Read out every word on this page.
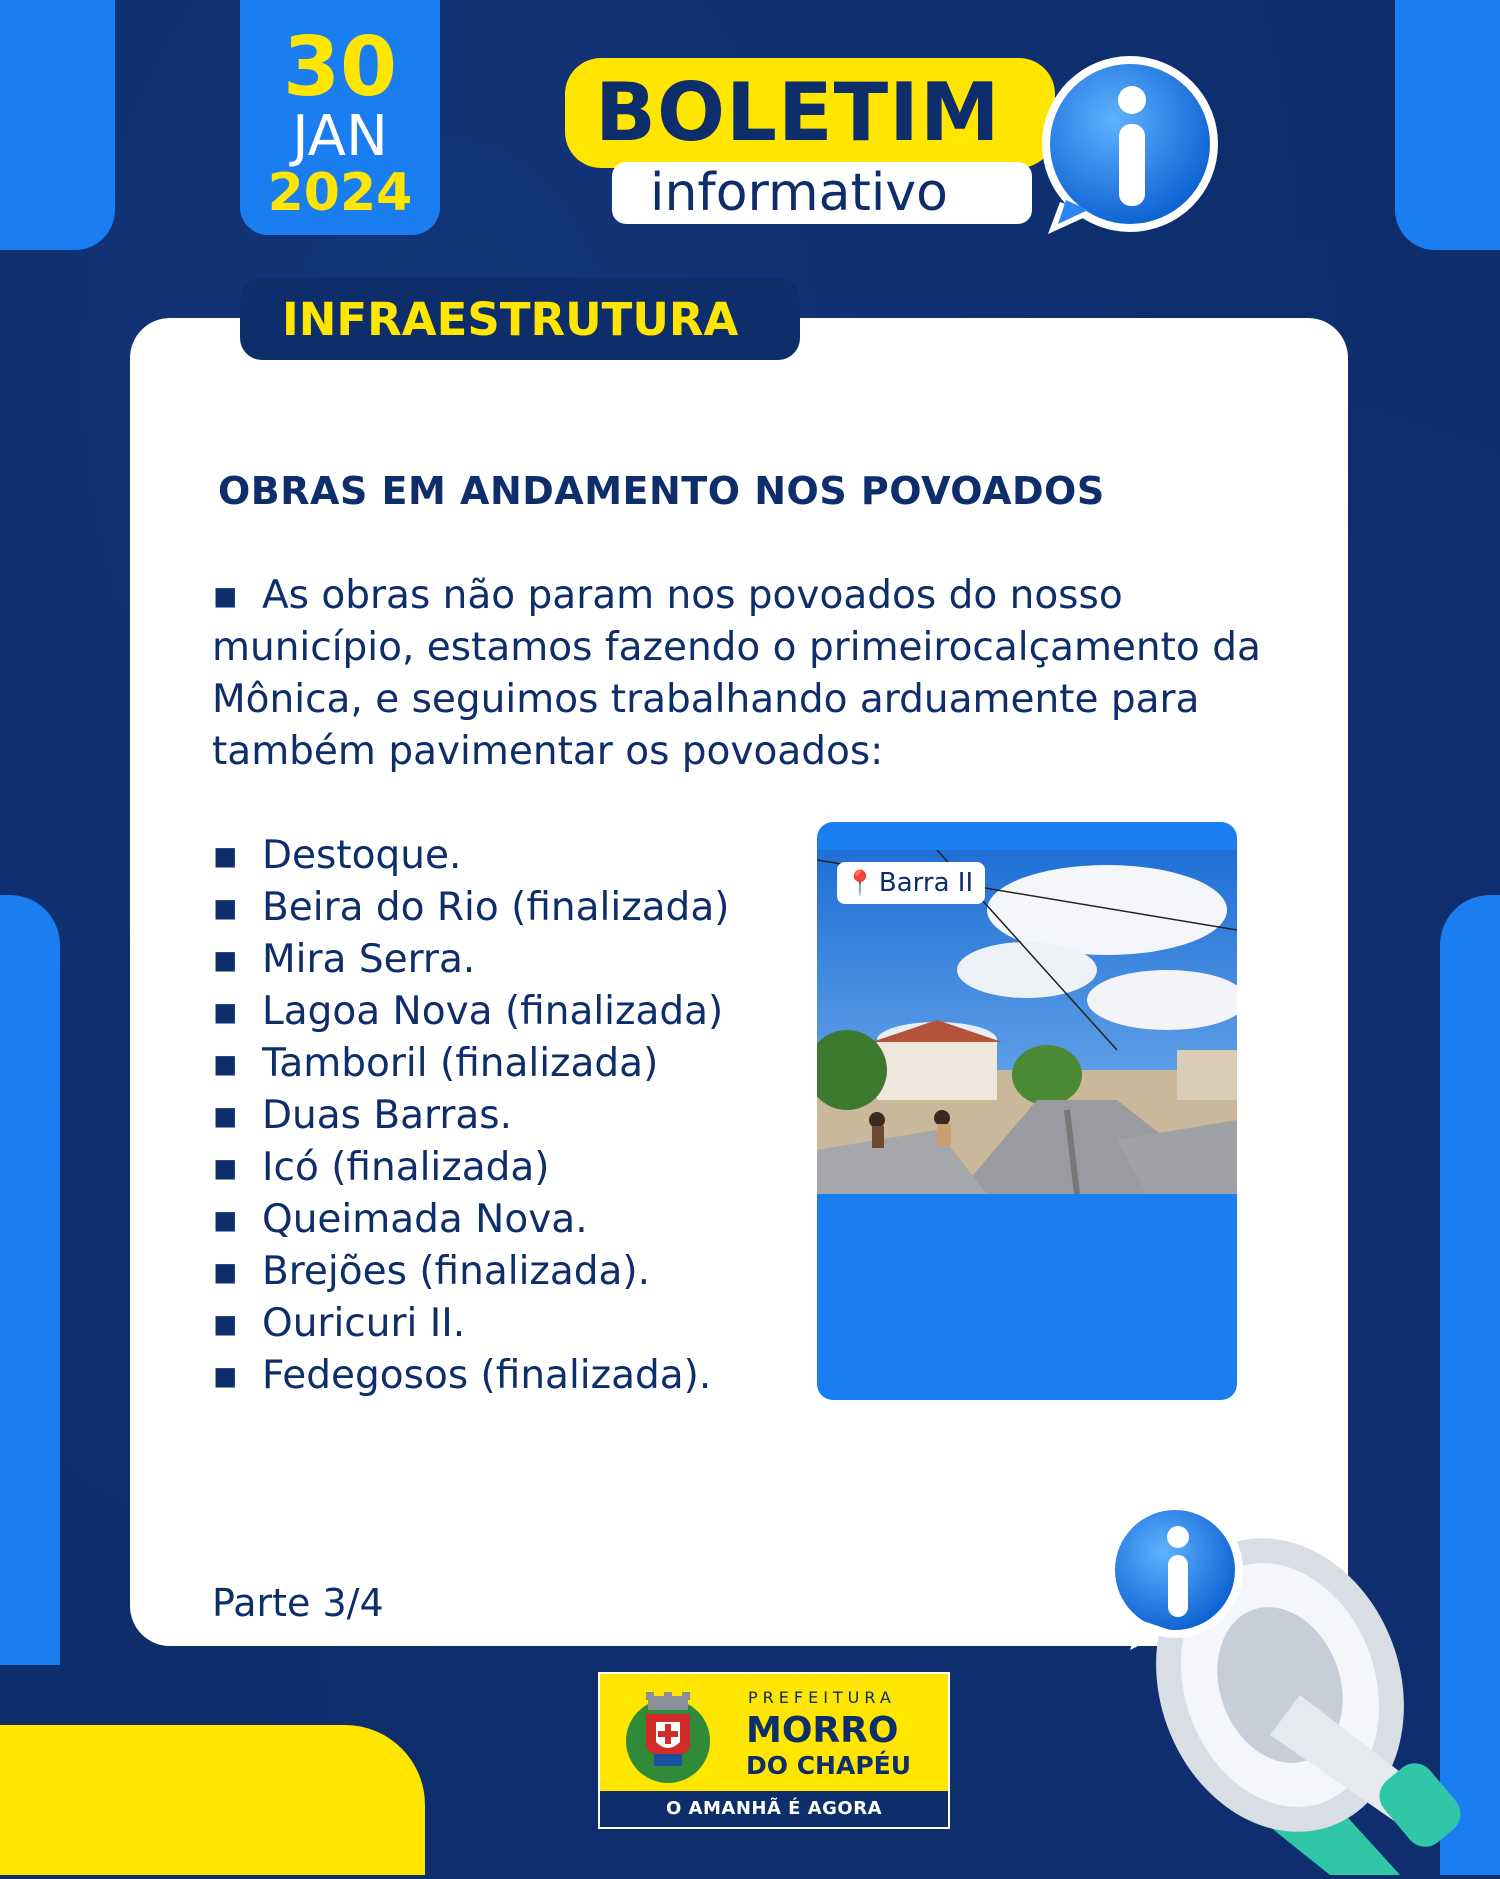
30
JAN
2024
BOLETIM
informativo
INFRAESTRUTURA
OBRAS EM ANDAMENTO NOS POVOADOS

▪ As obras não param nos povoados do nosso município, estamos fazendo o primeirocalçamento da Mônica, e seguimos trabalhando arduamente para também pavimentar os povoados:

▪ Destoque.
▪ Beira do Rio (finalizada)
▪ Mira Serra.
▪ Lagoa Nova (finalizada)
▪ Tamboril (finalizada)
▪ Duas Barras.
▪ Icó (finalizada)
▪ Queimada Nova.
▪ Brejões (finalizada).
▪ Ouricuri II.
▪ Fedegosos (finalizada).
📍 Barra II
Parte 3/4
PREFEITURA
MORRO
DO CHAPÉU
O AMANHÃ É AGORA
